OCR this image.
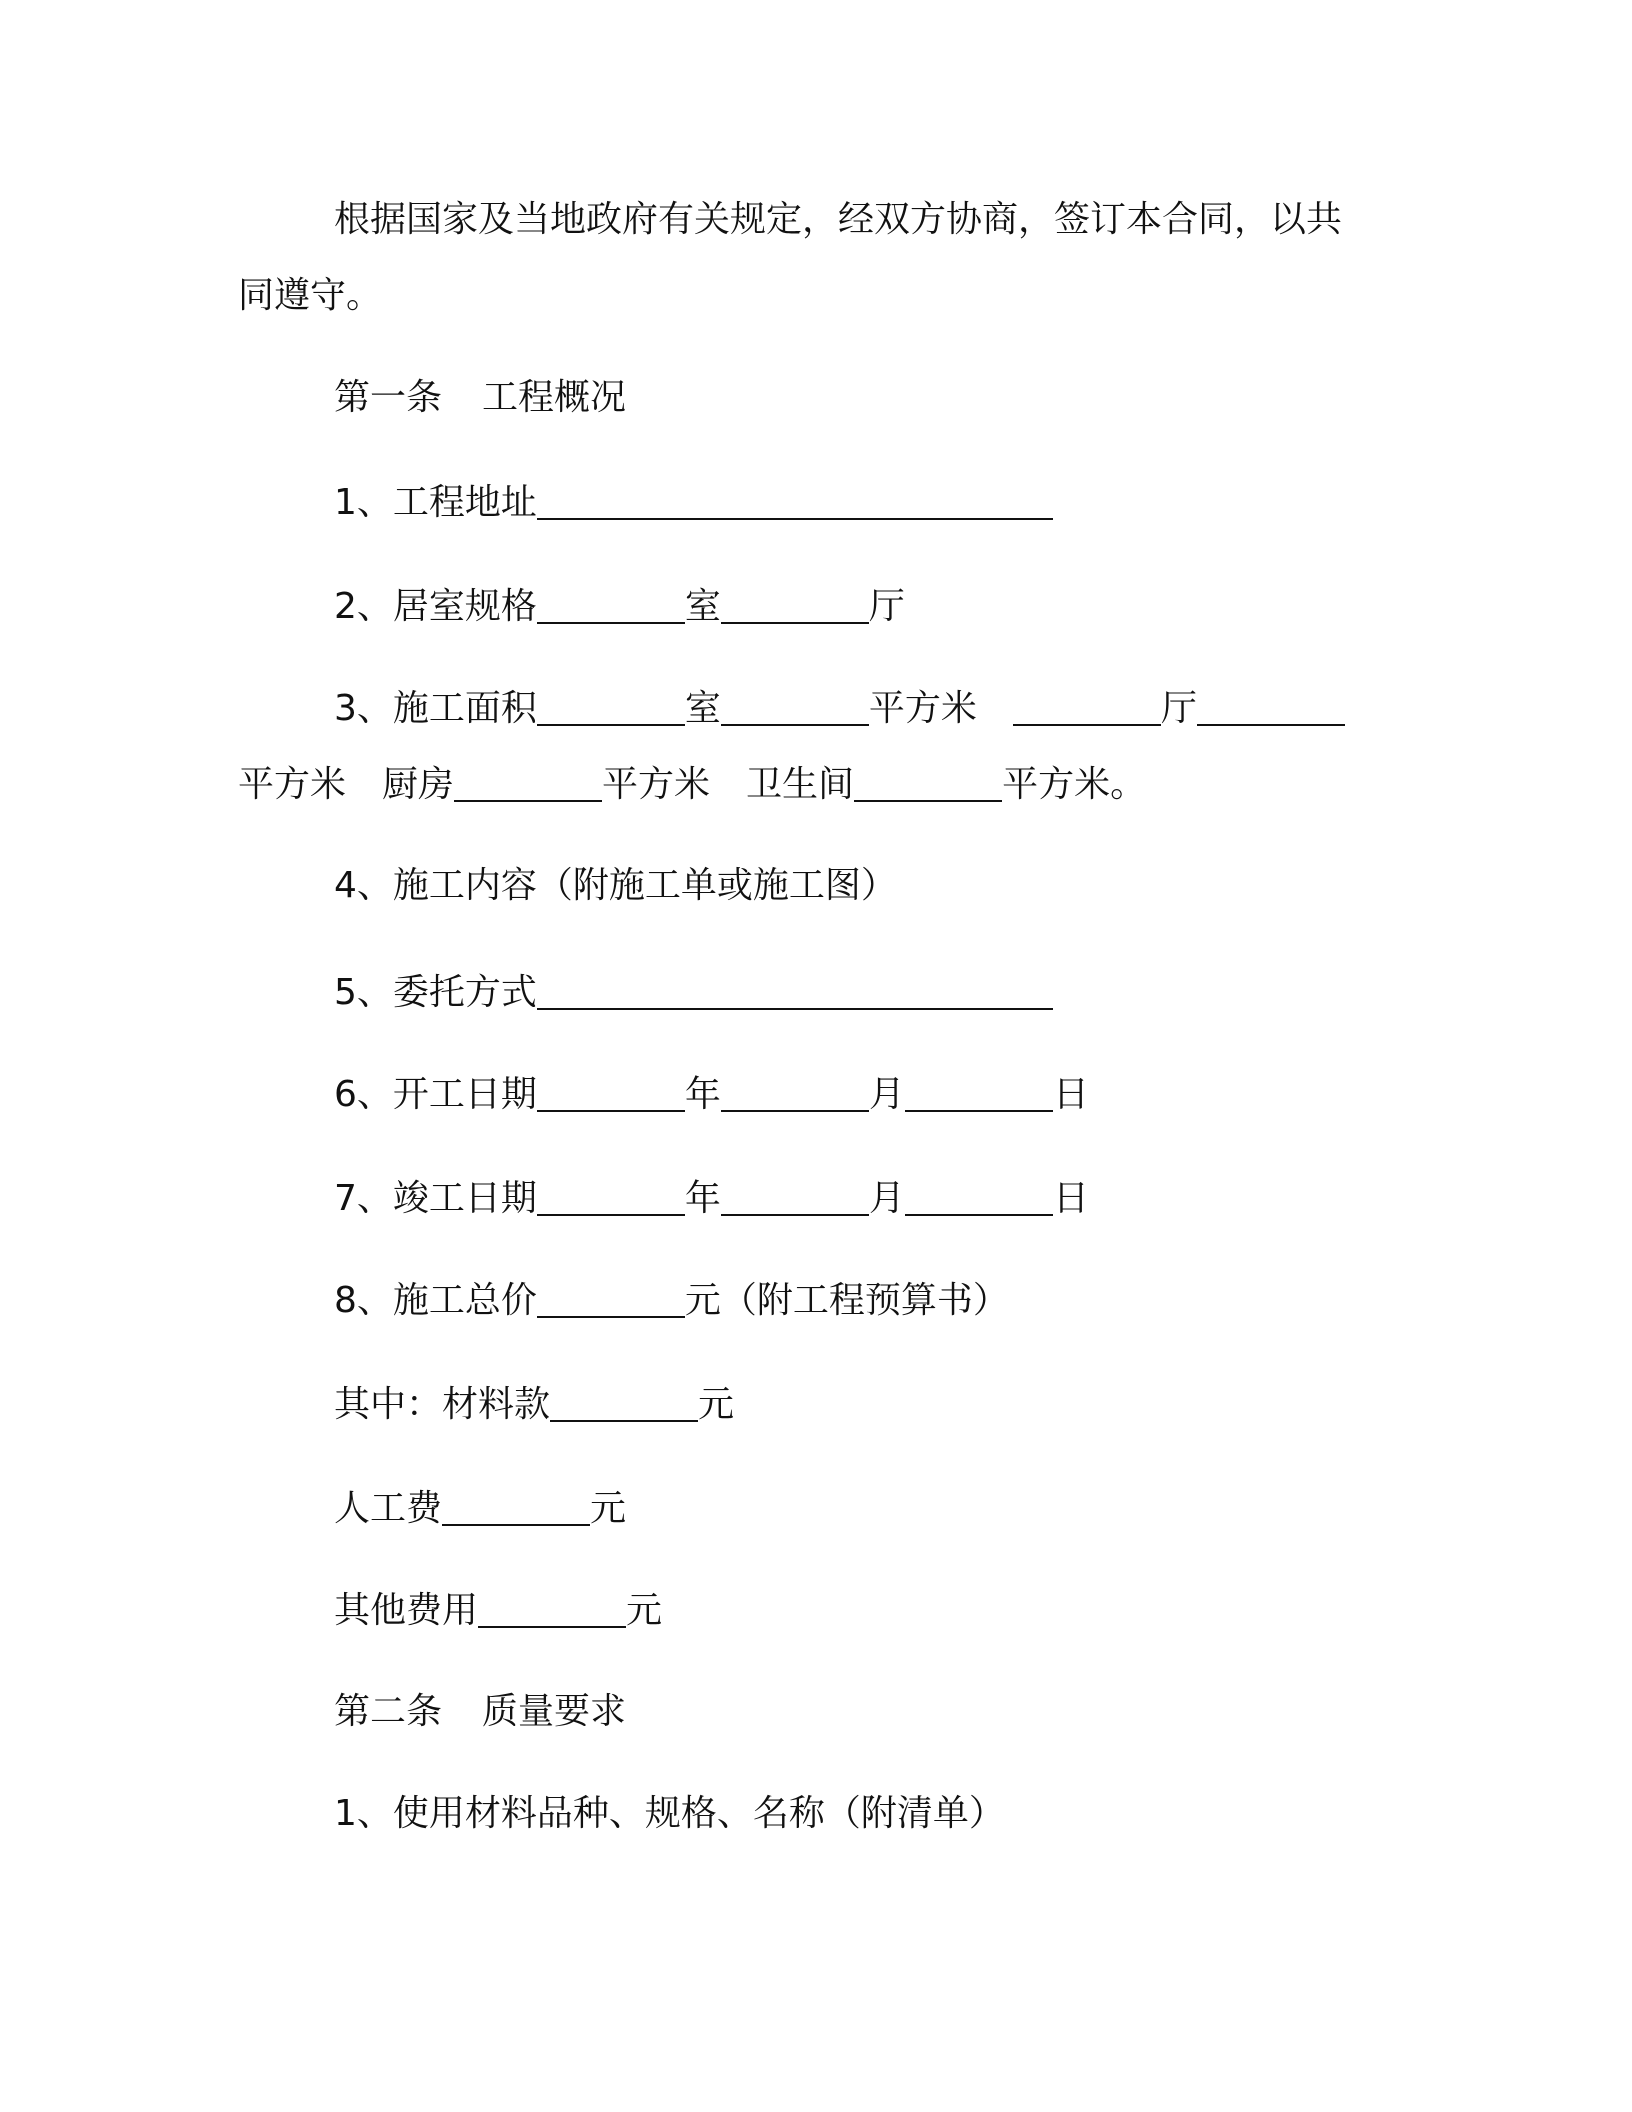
根据国家及当地政府有关规定，经双方协商，签订本合同，以共
同遵守。
第一条 工程概况
1、工程地址
2、居室规格	室	厅
3、施工面积	室	平方米	厅
平方米 厨房	平方米 卫生间	平方米。
4、施工内容（附施工单或施工图）
5、委托方式
6、开工日期	年	月	日
7、竣工日期	年	月	日
8、施工总价	元（附工程预算书）
其中：材料款	元
人工费	元
其他费用	元
第二条 质量要求
1、使用材料品种、规格、名称（附清单）
